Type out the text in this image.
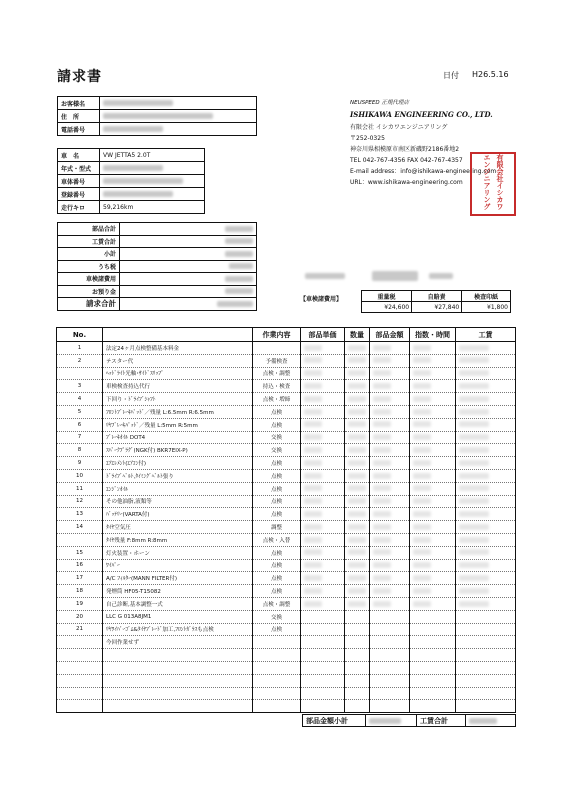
請求書	日付 H26.5.16
お客様名	
住　所	
電話番号	
車　名	VW JETTA5 2.0T
年式・型式	
車体番号	
登録番号	
走行キロ	59,216km
NEUSPEED 正規代理店
ISHIKAWA ENGINEERING CO., LTD.
有限会社 イシカワエンジニアリング
〒252-0325
神奈川県相模原市南区新磯野2186番地2
TEL 042-767-4356 FAX 042-767-4357
E-mail address：info@ishikawa-engineering.com
URL：www.ishikawa-engineering.com	有限会社イシカワエンジニアリング
部品合計	
工賃合計	
小計	
うち税	
車検諸費用	
お預り金	
請求合計	
	【車検諸費用】	重量税	自賠責	検査印紙
¥24,600	¥27,840	¥1,800
No.		作業内容	部品単価	数量	部品金額	指数・時間	工賃
1	法定24ヶ月点検整備基本料金						
2	テスター代	予備検査					
	ﾍｯﾄﾞﾗｲﾄ光軸･ｻｲﾄﾞｽﾘｯﾌﾟ	点検・調整					
3	車検検査持込代行	持込・検査					
4	下回り・ﾄﾞﾗｲﾌﾞｼｬﾌﾄ	点検・増締					
5	ﾌﾛﾝﾄﾌﾞﾚｰｷﾊﾟｯﾄﾞ／残量 L:6.5mm R:6.5mm	点検					
6	ﾘﾔﾌﾞﾚｰｷﾊﾟｯﾄﾞ／残量 L:5mm R:5mm	点検					
7	ﾌﾞﾚｰｷｵｲﾙ DOT4	交換					
8	ｽﾊﾟｰｸﾌﾟﾗｸﾞ(NGK付) BKR7EIX-P)	交換					
9	ｴｱｴﾚﾒﾝﾄ(ｴｱｺﾝ付)	点検					
10	ﾄﾞﾗｲﾌﾞﾍﾞﾙﾄ,ﾀｲﾐﾝｸﾞﾍﾞﾙﾄ張り	点検					
11	ｴﾝｼﾞﾝｵｲﾙ	点検					
12	その他油脂,液類等	点検					
13	ﾊﾞｯﾃﾘｰ(VARTA付)	点検					
14	ﾀｲﾔ空気圧	調整					
	ﾀｲﾔ残量 F:8mm R:8mm	点検・入替					
15	灯火装置・ホーン	点検					
16	ﾜｲﾊﾟｰ	点検					
17	A/C ﾌｨﾙﾀｰ(MANN FILTER付)	点検					
18	発煙筒 HF05-T15082	点検					
19	自己診断,基本調整一式	点検・調整					
20	LLC G 013A8JM1	交換					
21	ﾘﾔﾜｲﾊﾟｰｺﾞﾑ&ﾀｲﾔﾌﾞﾚｰﾄﾞ加工,ﾌﾛﾝﾄｶﾞﾗｽも点検	点検					
	今回作業せず						

部品金額小計		工賃合計	
